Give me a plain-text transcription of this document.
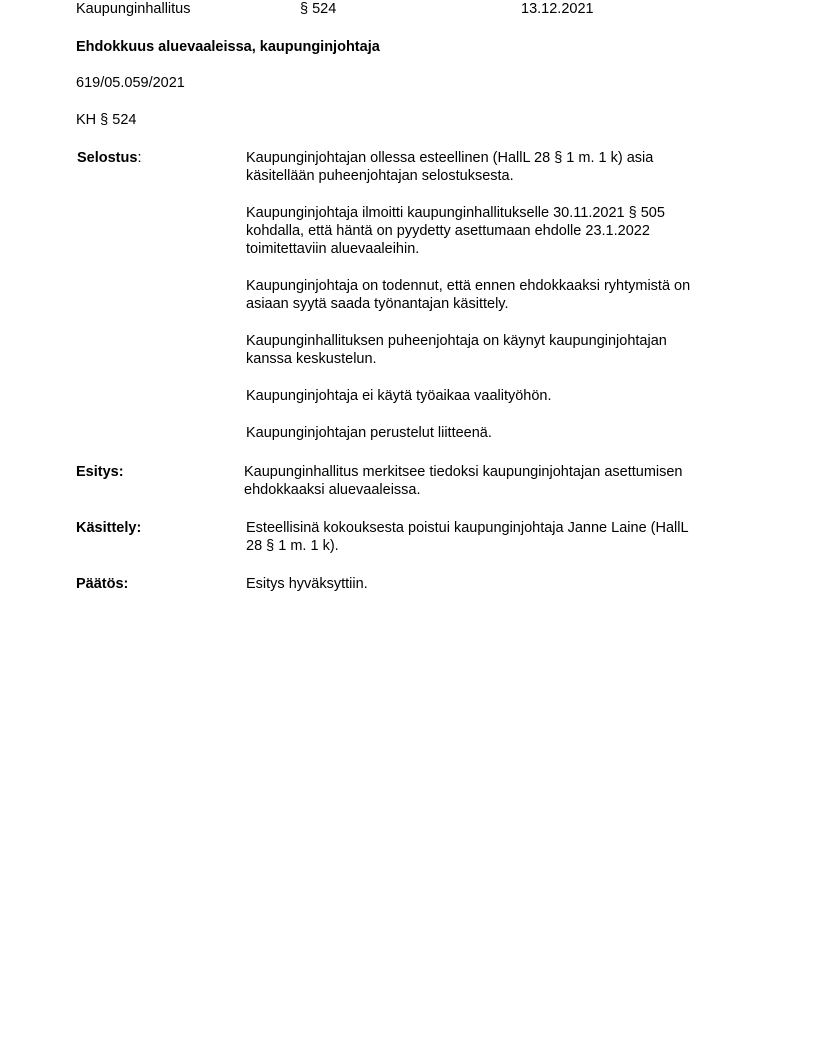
Kaupunginhallitus	§ 524	13.12.2021
Ehdokkuus aluevaaleissa, kaupunginjohtaja
619/05.059/2021
KH § 524
Selostus:	Kaupunginjohtajan ollessa esteellinen (HallL 28 § 1 m. 1 k) asia
käsitellään puheenjohtajan selostuksesta.

Kaupunginjohtaja ilmoitti kaupunginhallitukselle 30.11.2021 § 505
kohdalla, että häntä on pyydetty asettumaan ehdolle 23.1.2022
toimitettaviin aluevaaleihin.

Kaupunginjohtaja on todennut, että ennen ehdokkaaksi ryhtymistä on
asiaan syytä saada työnantajan käsittely.

Kaupunginhallituksen puheenjohtaja on käynyt kaupunginjohtajan
kanssa keskustelun.

Kaupunginjohtaja ei käytä työaikaa vaalityöhön.

Kaupunginjohtajan perustelut liitteenä.

Esitys:	Kaupunginhallitus merkitsee tiedoksi kaupunginjohtajan asettumisen
ehdokkaaksi aluevaaleissa.

Käsittely:	Esteellisinä kokouksesta poistui kaupunginjohtaja Janne Laine (HallL
28 § 1 m. 1 k).

Päätös:	Esitys hyväksyttiin.
